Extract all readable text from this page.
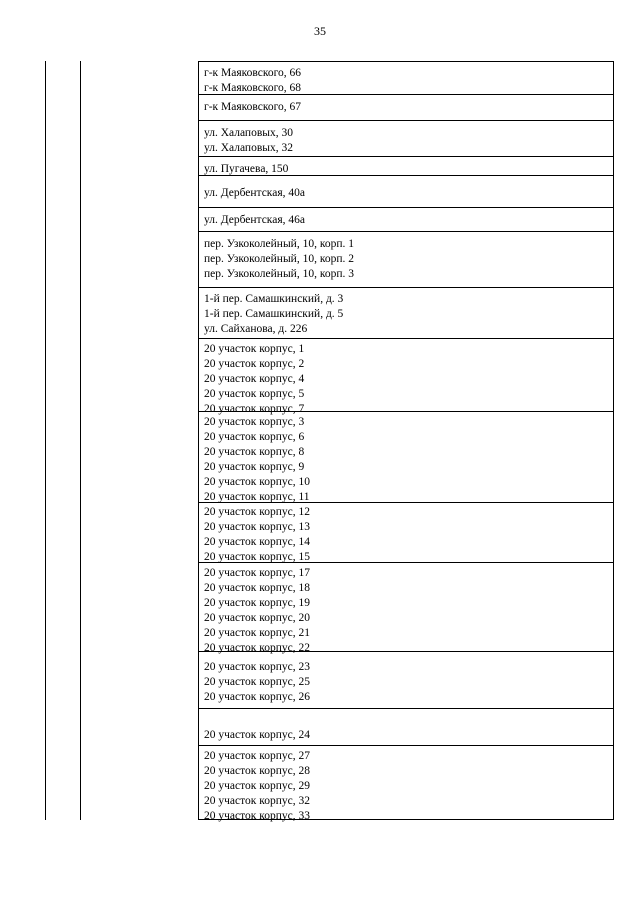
35
г-к Маяковского, 66
г-к Маяковского, 68
г-к Маяковского, 67
ул. Халаповых, 30
ул. Халаповых, 32
ул. Пугачева, 150
ул. Дербентская, 40а
ул. Дербентская, 46а
пер. Узкоколейный, 10, корп. 1
пер. Узкоколейный, 10, корп. 2
пер. Узкоколейный, 10, корп. 3
1-й пер. Самашкинский, д. 3
1-й пер. Самашкинский, д. 5
ул. Сайханова, д. 226
20 участок корпус, 1
20 участок корпус, 2
20 участок корпус, 4
20 участок корпус, 5
20 участок корпус, 7
20 участок корпус, 3
20 участок корпус, 6
20 участок корпус, 8
20 участок корпус, 9
20 участок корпус, 10
20 участок корпус, 11
20 участок корпус, 12
20 участок корпус, 13
20 участок корпус, 14
20 участок корпус, 15
20 участок корпус, 17
20 участок корпус, 18
20 участок корпус, 19
20 участок корпус, 20
20 участок корпус, 21
20 участок корпус, 22
20 участок корпус, 23
20 участок корпус, 25
20 участок корпус, 26
20 участок корпус, 24
20 участок корпус, 27
20 участок корпус, 28
20 участок корпус, 29
20 участок корпус, 32
20 участок корпус, 33
